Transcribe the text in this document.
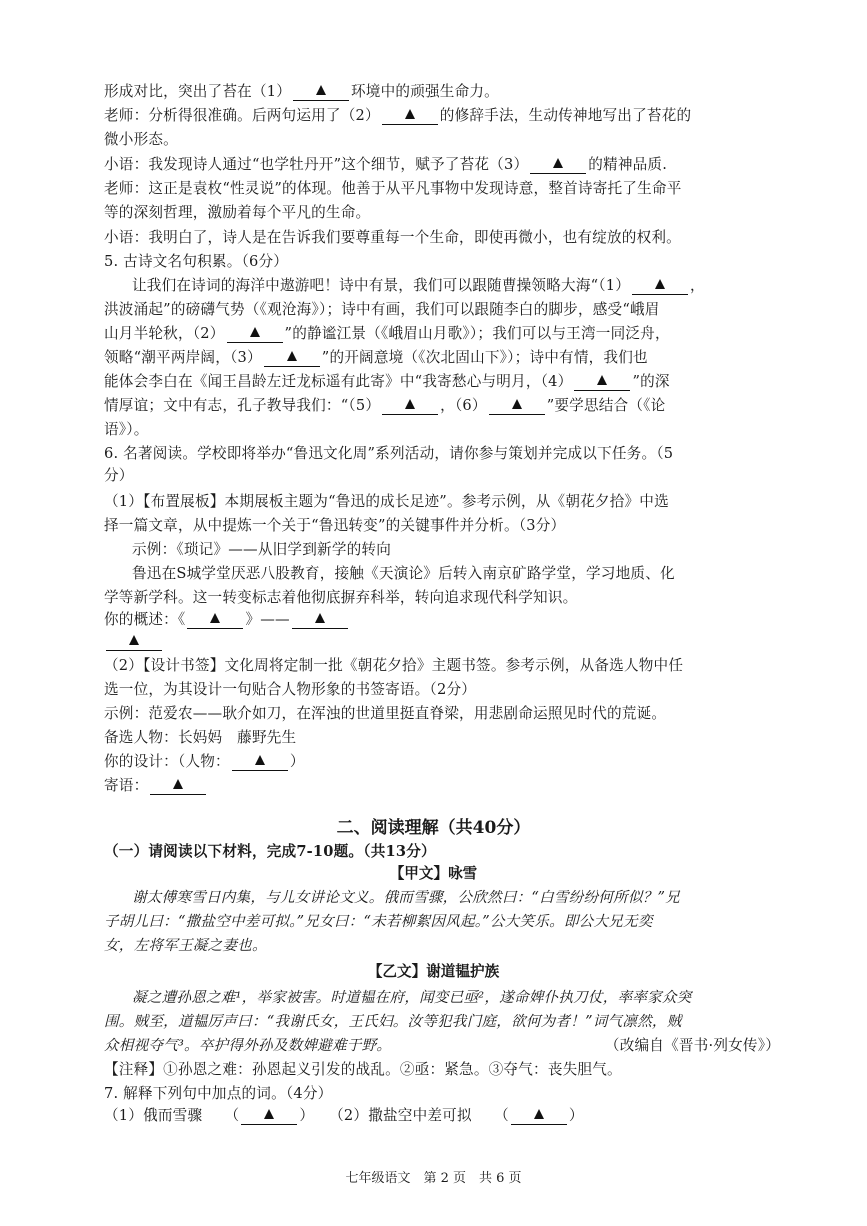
形成对比，突出了苔在（1）	环境中的顽强生命力。
老师：分析得很准确。后两句运用了（2）	的修辞手法，生动传神地写出了苔花的
微小形态。
小语：我发现诗人通过“也学牡丹开”这个细节，赋予了苔花（3）	的精神品质.
老师：这正是袁枚“性灵说”的体现。他善于从平凡事物中发现诗意，整首诗寄托了生命平
等的深刻哲理，激励着每个平凡的生命。
小语：我明白了，诗人是在告诉我们要尊重每一个生命，即使再微小，也有绽放的权利。
5. 古诗文名句积累。（6分）
让我们在诗词的海洋中遨游吧！诗中有景，我们可以跟随曹操领略大海“（1）	，
洪波涌起”的磅礴气势（《观沧海》）；诗中有画，我们可以跟随李白的脚步，感受“峨眉
山月半轮秋，（2）	”的静谧江景（《峨眉山月歌》）；我们可以与王湾一同泛舟，
领略“潮平两岸阔，（3）	”的开阔意境（《次北固山下》）；诗中有情，我们也
能体会李白在《闻王昌龄左迁龙标遥有此寄》中“我寄愁心与明月，（4）	”的深
情厚谊；文中有志，孔子教导我们：“（5）	，（6）	”要学思结合（《论
语》）。
6. 名著阅读。学校即将举办“鲁迅文化周”系列活动，请你参与策划并完成以下任务。（5
分）
（1）【布置展板】本期展板主题为“鲁迅的成长足迹”。参考示例，从《朝花夕拾》中选
择一篇文章，从中提炼一个关于“鲁迅转变”的关键事件并分析。（3分）
示例：《琐记》——从旧学到新学的转向
鲁迅在S城学堂厌恶八股教育，接触《天演论》后转入南京矿路学堂，学习地质、化
学等新学科。这一转变标志着他彻底摒弃科举，转向追求现代科学知识。
你的概述：《	》——
（2）【设计书签】文化周将定制一批《朝花夕拾》主题书签。参考示例，从备选人物中任
选一位，为其设计一句贴合人物形象的书签寄语。（2分）
示例：范爱农——耿介如刀，在浑浊的世道里挺直脊梁，用悲剧命运照见时代的荒诞。
备选人物：长妈妈　藤野先生
你的设计：（人物：	）
寄语：
二、阅读理解（共40分）
（一）请阅读以下材料，完成7-10题。（共13分）
【甲文】咏雪
谢太傅寒雪日内集，与儿女讲论文义。俄而雪骤，公欣然曰：“白雪纷纷何所似？”兄
子胡儿曰：“撒盐空中差可拟。”兄女曰：“未若柳絮因风起。”公大笑乐。即公大兄无奕
女，左将军王凝之妻也。
【乙文】谢道韫护族
凝之遭孙恩之难¹，举家被害。时道韫在府，闻变已亟²，遂命婢仆执刀仗，率率家众突
围。贼至，道韫厉声曰：“我谢氏女，王氏妇。汝等犯我门庭，欲何为者！”词气凛然，贼
众相视夺气³。卒护得外孙及数婢避难于野。	（改编自《晋书·列女传》）
【注释】①孙恩之难：孙恩起义引发的战乱。②亟：紧急。③夺气：丧失胆气。
7. 解释下列句中加点的词。（4分）
（1）俄而雪骤　　 （	）　　 （2）撒盐空中差可拟　　 （	）
七年级语文　第 2 页　共 6 页
